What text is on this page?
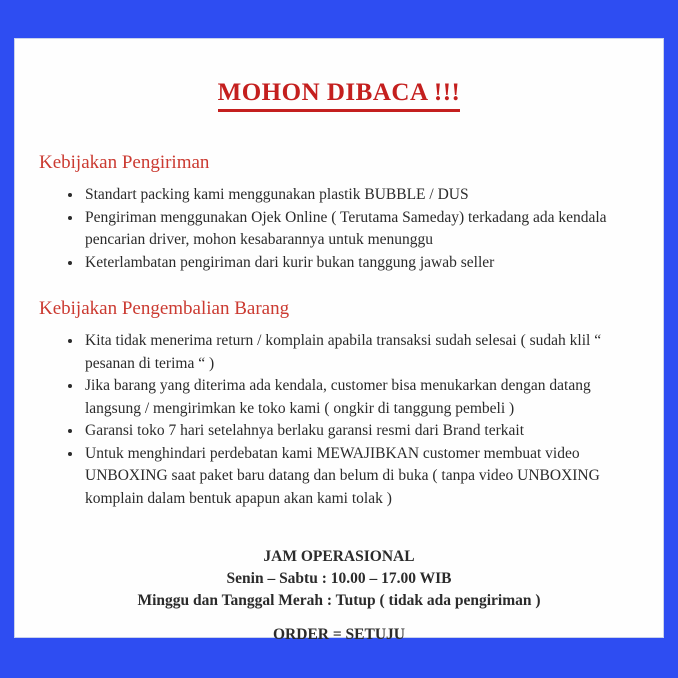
MOHON DIBACA !!!
Kebijakan Pengiriman
• Standart packing kami menggunakan plastik BUBBLE / DUS
• Pengiriman menggunakan Ojek Online ( Terutama Sameday) terkadang ada kendala pencarian driver, mohon kesabarannya untuk menunggu
• Keterlambatan pengiriman dari kurir bukan tanggung jawab seller
Kebijakan Pengembalian Barang
• Kita tidak menerima return / komplain apabila transaksi sudah selesai ( sudah klil “ pesanan di terima “ )
• Jika barang yang diterima ada kendala, customer bisa menukarkan dengan datang langsung / mengirimkan ke toko kami ( ongkir di tanggung pembeli )
• Garansi toko 7 hari setelahnya berlaku garansi resmi dari Brand terkait
• Untuk menghindari perdebatan kami MEWAJIBKAN customer membuat video UNBOXING saat paket baru datang dan belum di buka ( tanpa video UNBOXING komplain dalam bentuk apapun akan kami tolak )
JAM OPERASIONAL
Senin – Sabtu : 10.00 – 17.00 WIB
Minggu dan Tanggal Merah : Tutup ( tidak ada pengiriman )
ORDER = SETUJU
